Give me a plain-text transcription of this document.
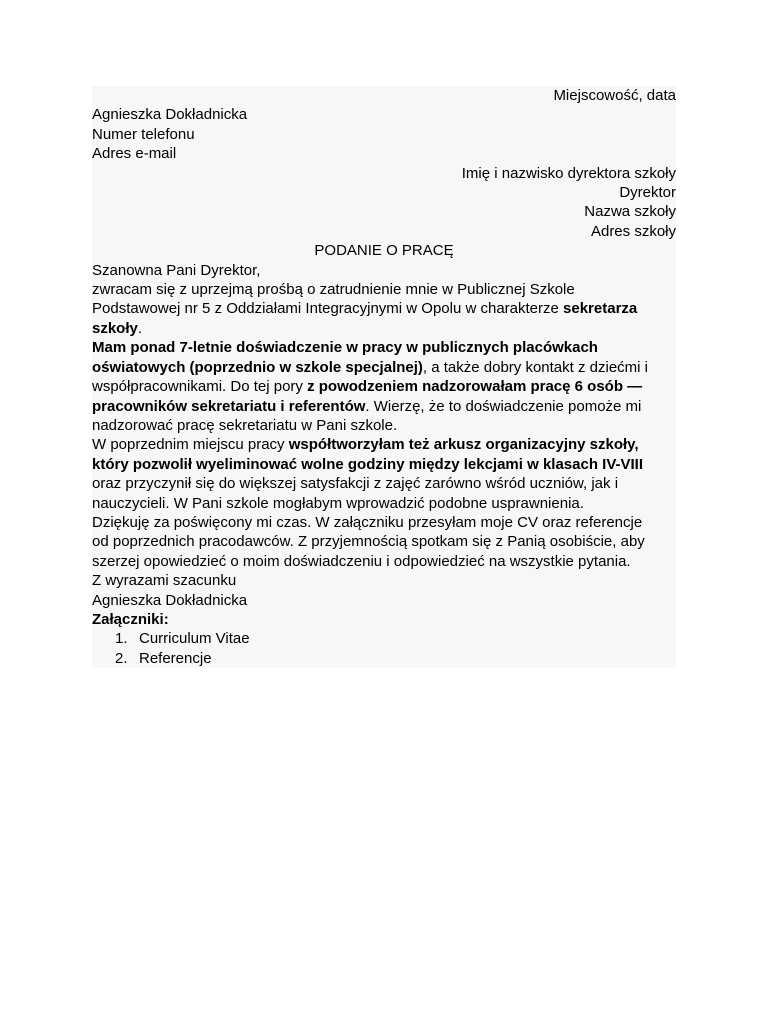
Miejscowość, data
Agnieszka Dokładnicka
Numer telefonu
Adres e-mail
Imię i nazwisko dyrektora szkoły
Dyrektor
Nazwa szkoły
Adres szkoły
PODANIE O PRACĘ
Szanowna Pani Dyrektor,
zwracam się z uprzejmą prośbą o zatrudnienie mnie w Publicznej Szkole
Podstawowej nr 5 z Oddziałami Integracyjnymi w Opolu w charakterze sekretarza
szkoły.
Mam ponad 7-letnie doświadczenie w pracy w publicznych placówkach
oświatowych (poprzednio w szkole specjalnej), a także dobry kontakt z dziećmi i
współpracownikami. Do tej pory z powodzeniem nadzorowałam pracę 6 osób —
pracowników sekretariatu i referentów. Wierzę, że to doświadczenie pomoże mi
nadzorować pracę sekretariatu w Pani szkole.
W poprzednim miejscu pracy współtworzyłam też arkusz organizacyjny szkoły,
który pozwolił wyeliminować wolne godziny między lekcjami w klasach IV-VIII
oraz przyczynił się do większej satysfakcji z zajęć zarówno wśród uczniów, jak i
nauczycieli. W Pani szkole mogłabym wprowadzić podobne usprawnienia.
Dziękuję za poświęcony mi czas. W załączniku przesyłam moje CV oraz referencje
od poprzednich pracodawców. Z przyjemnością spotkam się z Panią osobiście, aby
szerzej opowiedzieć o moim doświadczeniu i odpowiedzieć na wszystkie pytania.
Z wyrazami szacunku
Agnieszka Dokładnicka
Załączniki:
1. Curriculum Vitae
2. Referencje
